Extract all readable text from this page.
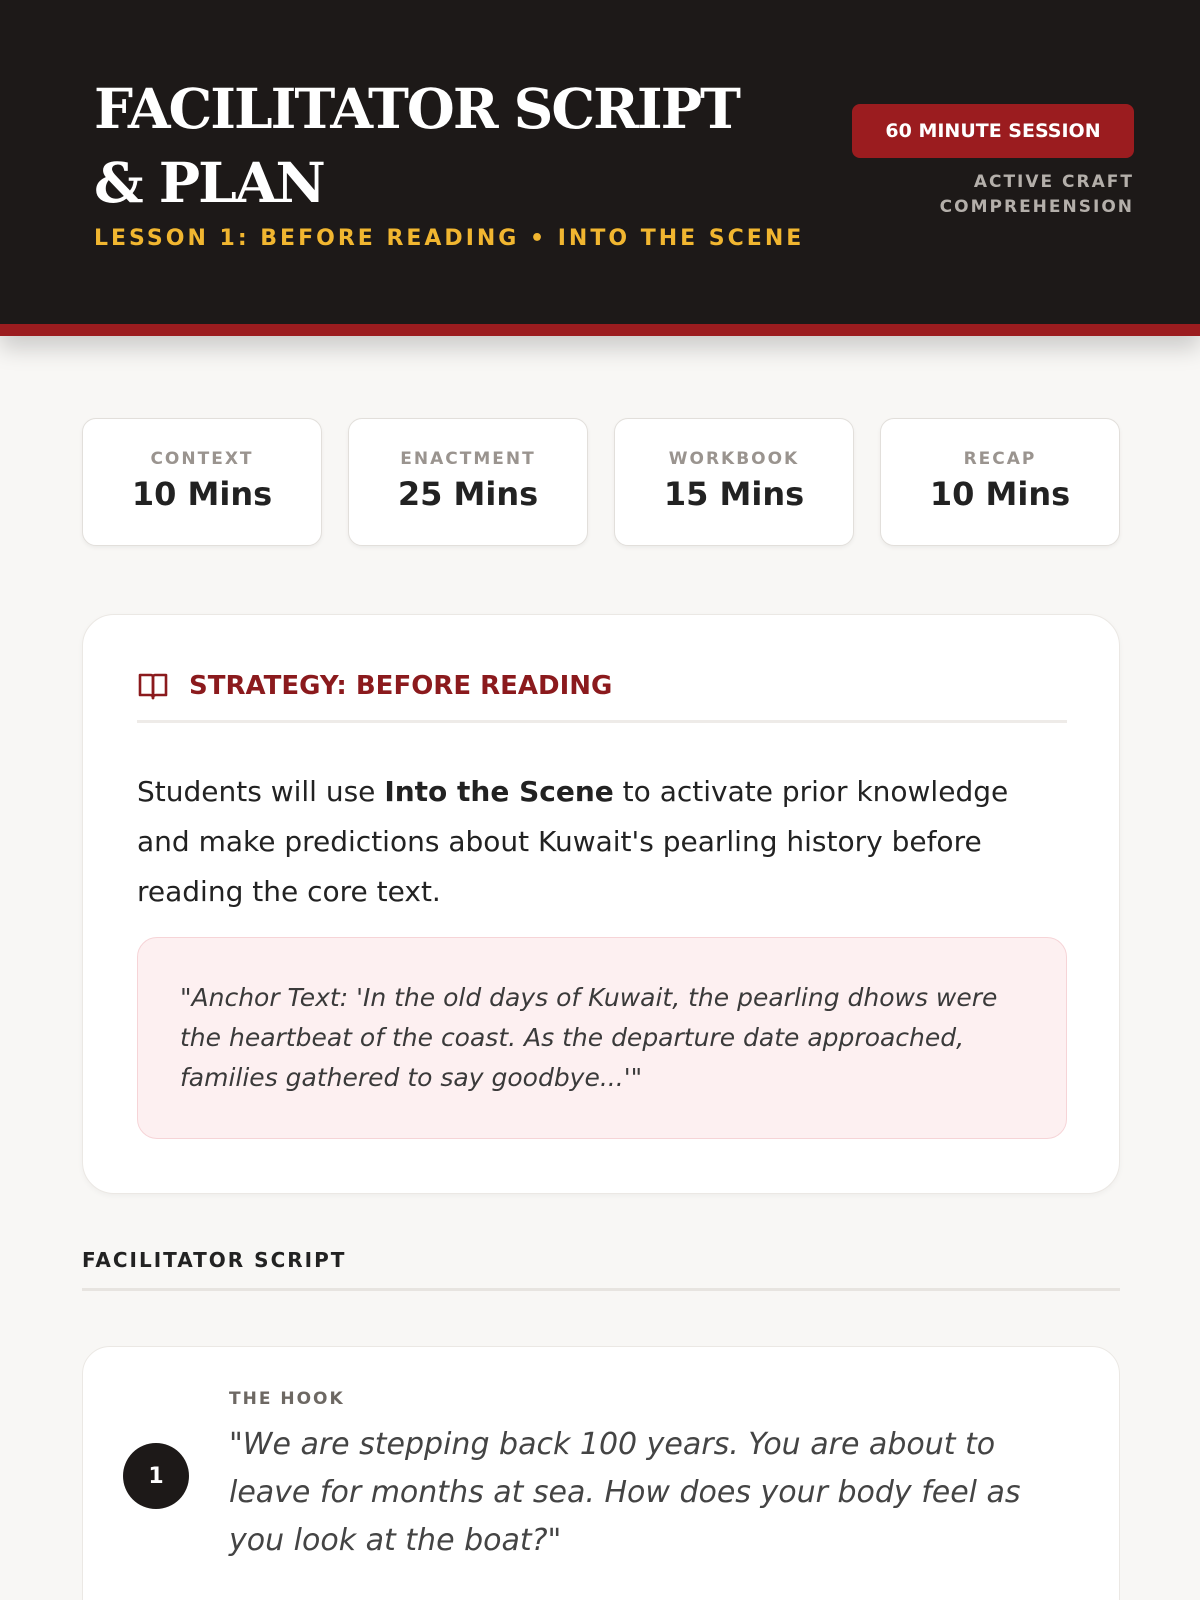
FACILITATOR SCRIPT & PLAN
LESSON 1: BEFORE READING • INTO THE SCENE
60 MINUTE SESSION
ACTIVE CRAFT
COMPREHENSION
CONTEXT
10 Mins
ENACTMENT
25 Mins
WORKBOOK
15 Mins
RECAP
10 Mins
STRATEGY: BEFORE READING

Students will use Into the Scene to activate prior knowledge and make predictions about Kuwait's pearling history before reading the core text.

"Anchor Text: 'In the old days of Kuwait, the pearling dhows were the heartbeat of the coast. As the departure date approached, families gathered to say goodbye...'"
FACILITATOR SCRIPT
1
THE HOOK
"We are stepping back 100 years. You are about to leave for months at sea. How does your body feel as you look at the boat?"
